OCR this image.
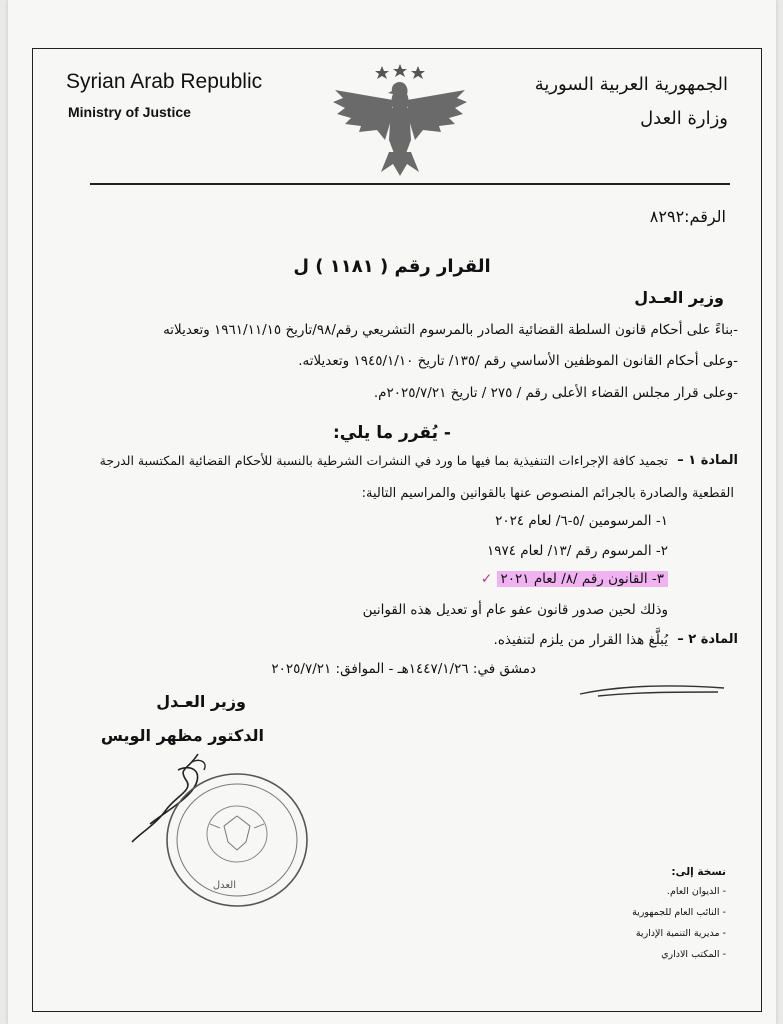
Syrian Arab Republic
Ministry of Justice
الجمهورية العربية السورية
وزارة العدل
الرقم:٨٢٩٢
القرار رقم ( ١١٨١ ) ل
وزير العـدل
-بناءً على أحكام قانون السلطة القضائية الصادر بالمرسوم التشريعي رقم/٩٨/تاريخ ١٩٦١/١١/١٥ وتعديلاته
-وعلى أحكام القانون الموظفين الأساسي رقم /١٣٥/ تاريخ ١٩٤٥/١/١٠ وتعديلاته.
-وعلى قرار مجلس القضاء الأعلى رقم / ٢٧٥ / تاريخ ٢٠٢٥/٧/٢١م.
- يُقرر ما يلي:
المادة ١ –
تجميد كافة الإجراءات التنفيذية بما فيها ما ورد في النشرات الشرطية بالنسبة للأحكام القضائية المكتسبة الدرجة
القطعية والصادرة بالجرائم المنصوص عنها بالقوانين والمراسيم التالية:
١- المرسومين /٥-٦/ لعام ٢٠٢٤
٢- المرسوم رقم /١٣/ لعام ١٩٧٤
٣- القانون رقم /٨/ لعام ٢٠٢١ ✓
وذلك لحين صدور قانون عفو عام أو تعديل هذه القوانين
المادة ٢ –
يُبلَّغ هذا القرار من يلزم لتنفيذه.
دمشق في: ١٤٤٧/١/٢٦هـ - الموافق: ٢٠٢٥/٧/٢١
وزير العـدل
الدكتور مظهر الويس
العدل
نسخة إلى:
- الديوان العام.
- النائب العام للجمهورية
- مديرية التنمية الإدارية
- المكتب الاداري
